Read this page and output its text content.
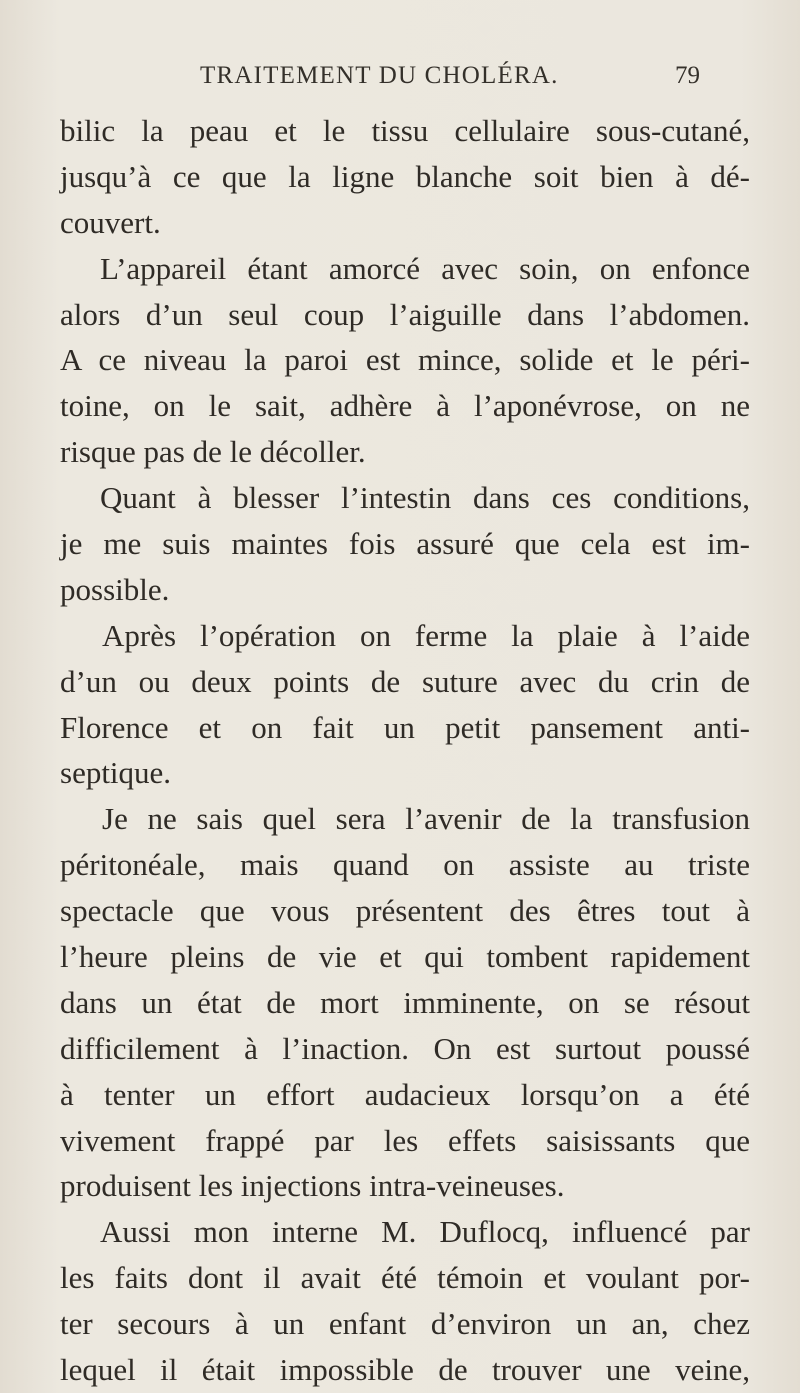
TRAITEMENT DU CHOLÉRA.	79
bilic la peau et le tissu cellulaire sous-cutané,
jusqu’à ce que la ligne blanche soit bien à dé-
couvert.
L’appareil étant amorcé avec soin, on enfonce
alors d’un seul coup l’aiguille dans l’abdomen.
A ce niveau la paroi est mince, solide et le péri-
toine, on le sait, adhère à l’aponévrose, on ne
risque pas de le décoller.
Quant à blesser l’intestin dans ces conditions,
je me suis maintes fois assuré que cela est im-
possible.
Après l’opération on ferme la plaie à l’aide
d’un ou deux points de suture avec du crin de
Florence et on fait un petit pansement anti-
septique.
Je ne sais quel sera l’avenir de la transfusion
péritonéale, mais quand on assiste au triste
spectacle que vous présentent des êtres tout à
l’heure pleins de vie et qui tombent rapidement
dans un état de mort imminente, on se résout
difficilement à l’inaction. On est surtout poussé
à tenter un effort audacieux lorsqu’on a été
vivement frappé par les effets saisissants que
produisent les injections intra-veineuses.
Aussi mon interne M. Duflocq, influencé par
les faits dont il avait été témoin et voulant por-
ter secours à un enfant d’environ un an, chez
lequel il était impossible de trouver une veine,
